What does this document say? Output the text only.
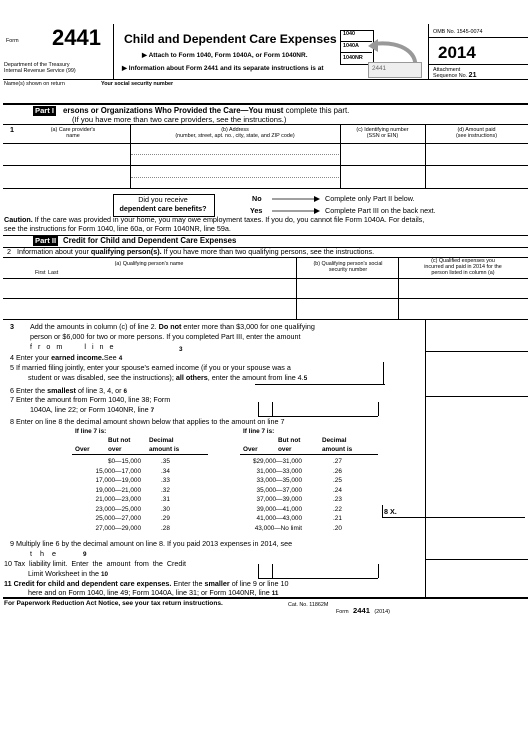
Form 2441
Department of the Treasury
Internal Revenue Service (99)
Child and Dependent Care Expenses
▶ Attach to Form 1040, Form 1040A, or Form 1040NR.
▶ Information about Form 2441 and its separate instructions is at
1040
1040A
1040NR
2441
OMB No. 1545-0074
2014
Attachment
Sequence No. 21
Name(s) shown on return	Your social security number
Part I ersons or Organizations Who Provided the Care—You must complete this part.
(If you have more than two care providers, see the instructions.)
1	(a) Care provider's
name
(b) Address
(number, street, apt. no., city, state, and ZIP code)
(c) Identifying number
(SSN or EIN)
(d) Amount paid
(see instructions)
Did you receive
dependent care benefits?
No
Yes
Complete only Part II below.
Complete Part III on the back next.
Caution. If the care was provided in your home, you may owe employment taxes. If you do, you cannot file Form 1040A. For details,
see the instructions for Form 1040, line 60a, or Form 1040NR, line 59a.
Part II Credit for Child and Dependent Care Expenses
2   Information about your qualifying person(s). If you have more than two qualifying persons, see the instructions.
(a) Qualifying person's name
First Last
(b) Qualifying person's social
security number
(c) Qualified expenses you
incurred and paid in 2014 for the
person listed in column (a)
3 Add the amounts in column (c) of line 2. Do not enter more than $3,000 for one qualifying
person or $6,000 for two or more persons. If you completed Part III, enter the amount
f r o m     l i n e	3
4 Enter your earned income.See 4
5 If married filing jointly, enter your spouse's earned income (if you or your spouse was a
student or was disabled, see the instructions); all others, enter the amount from line 4.5
6 Enter the smallest of line 3, 4, or 6
7 Enter the amount from Form 1040, line 38; Form
1040A, line 22; or Form 1040NR, line 7
8 Enter on line 8 the decimal amount shown below that applies to the amount on line 7
If line 7 is:
But not	Decimal
Over	over	amount is
$0—15,000	.35
15,000—17,000	.34
17,000—19,000	.33
19,000—21,000	.32
21,000—23,000	.31
23,000—25,000	.30
25,000—27,000	.29
27,000—29,000	.28
If line 7 is:
But not	Decimal
Over	over	amount is
$29,000—31,000	.27
31,000—33,000	.26
33,000—35,000	.25
35,000—37,000	.24
37,000—39,000	.23
39,000—41,000	.22
41,000—43,000	.21
43,000—No limit	.20
8 X.
9 Multiply line 6 by the decimal amount on line 8. If you paid 2013 expenses in 2014, see
t h e	9
10 Tax  liability limit.  Enter  the  amount  from  the  Credit
Limit Worksheet in the 10
11 Credit for child and dependent care expenses. Enter the smaller of line 9 or line 10
here and on Form 1040, line 49; Form 1040A, line 31; or Form 1040NR, line 11
For Paperwork Reduction Act Notice, see your tax return instructions.	Cat. No. 11862M
Form 2441 (2014)
